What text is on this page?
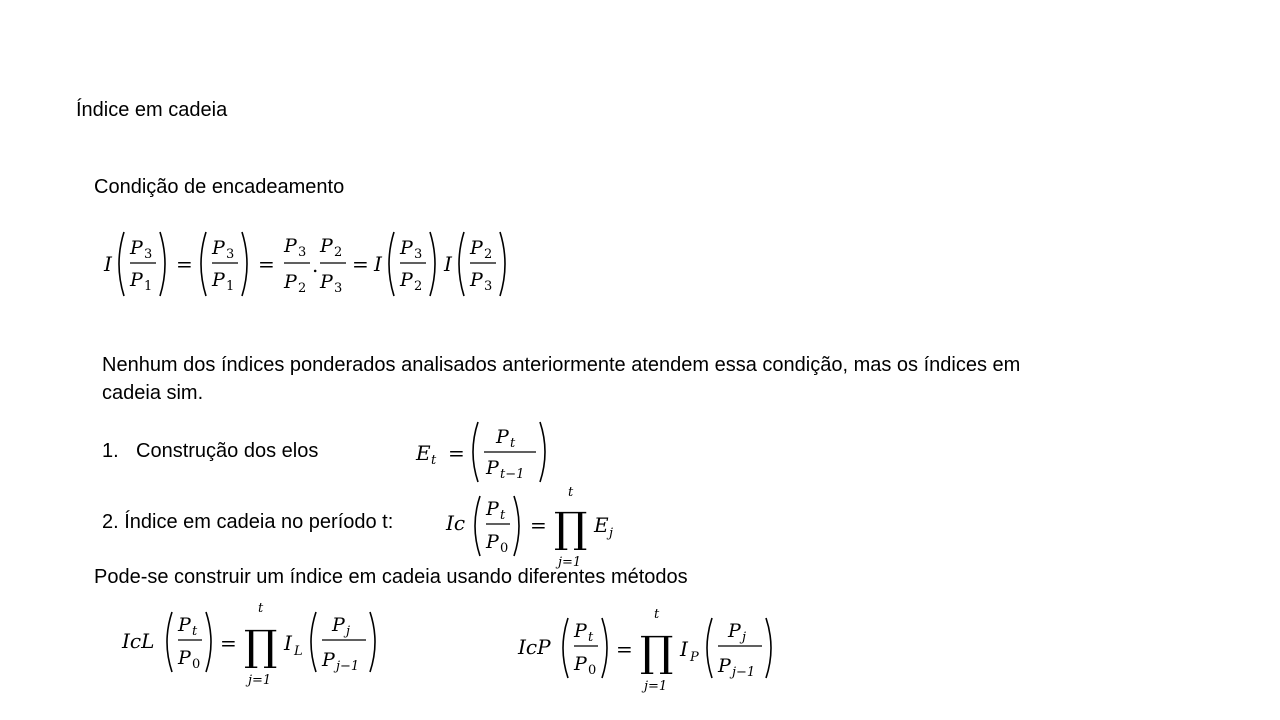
Índice em cadeia
Condição de encadeamento
I
P 3
P 1
=
P 3
P 1
=
P 3
P 2
.
P 2
P 3
= I
P 3
P 2
I
P 2
P 3
Nenhum dos índices ponderados analisados anteriormente atendem essa condição, mas os índices em cadeia sim.
1. Construção dos elos	E t =
P t
P t−1
2. Índice em cadeia no período t:	Ic
P t
P 0
=
t
∏
j=1
E j
Pode-se construir um índice em cadeia usando diferentes métodos
IcL
P t
P 0
=
t
∏
j=1
I L
P j
P j−1
IcP
P t
P 0
=
t
∏
j=1
I P
P j
P j−1
